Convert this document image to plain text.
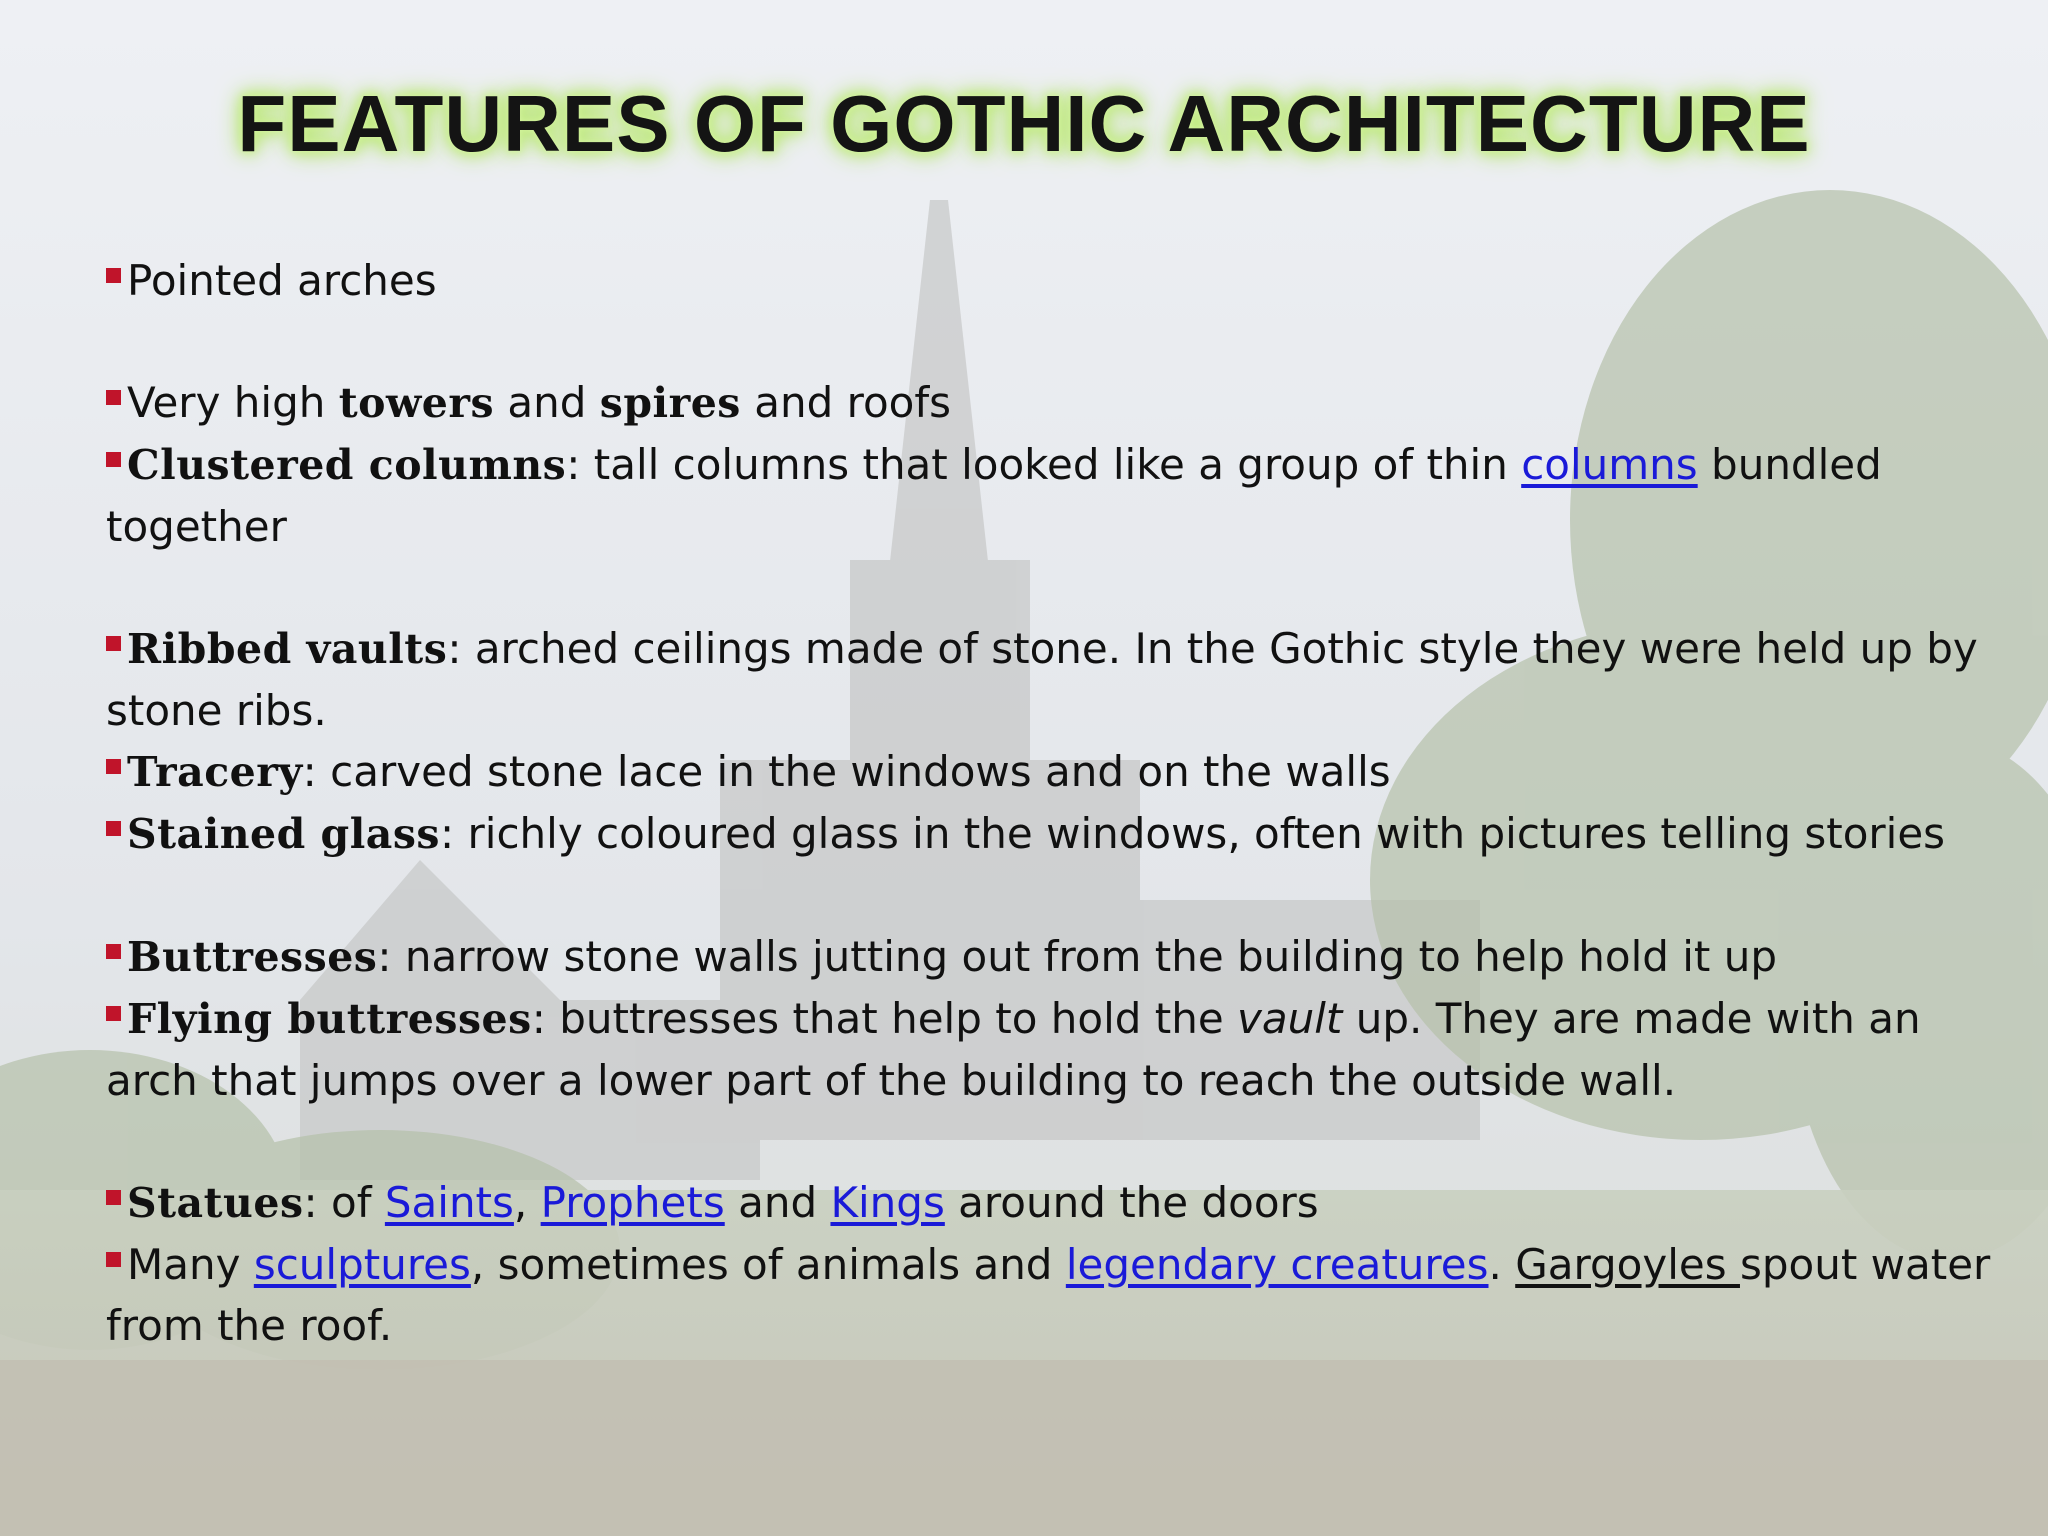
FEATURES OF GOTHIC ARCHITECTURE
Pointed arches
Very high towers and spires and roofs
Clustered columns: tall columns that looked like a group of thin columns bundled together
Ribbed vaults: arched ceilings made of stone. In the Gothic style they were held up by stone ribs.
Tracery: carved stone lace in the windows and on the walls
Stained glass: richly coloured glass in the windows, often with pictures telling stories
Buttresses: narrow stone walls jutting out from the building to help hold it up
Flying buttresses: buttresses that help to hold the vault up. They are made with an arch that jumps over a lower part of the building to reach the outside wall.
Statues: of Saints, Prophets and Kings around the doors
Many sculptures, sometimes of animals and legendary creatures. Gargoyles spout water from the roof.
